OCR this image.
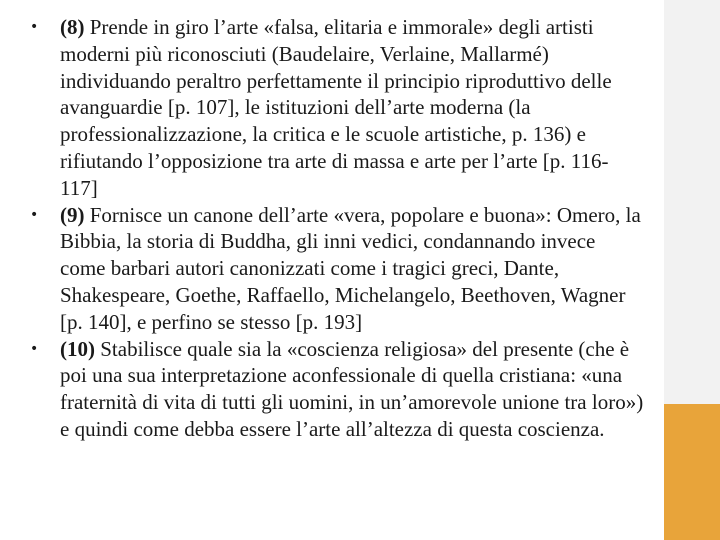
• (8) Prende in giro l’arte «falsa, elitaria e immorale» degli artisti moderni più riconosciuti (Baudelaire, Verlaine, Mallarmé) individuando peraltro perfettamente il principio riproduttivo delle avanguardie [p. 107], le istituzioni dell’arte moderna (la professionalizzazione, la critica e le scuole artistiche, p. 136) e rifiutando l’opposizione tra arte di massa e arte per l’arte [p. 116-117]
• (9) Fornisce un canone dell’arte «vera, popolare e buona»: Omero, la Bibbia, la storia di Buddha, gli inni vedici, condannando invece come barbari autori canonizzati come i tragici greci, Dante, Shakespeare, Goethe, Raffaello, Michelangelo, Beethoven, Wagner [p. 140], e perfino se stesso [p. 193]
• (10) Stabilisce quale sia la «coscienza religiosa» del presente (che è poi una sua interpretazione aconfessionale di quella cristiana: «una fraternità di vita di tutti gli uomini, in un’amorevole unione tra loro») e quindi come debba essere l’arte all’altezza di questa coscienza.
